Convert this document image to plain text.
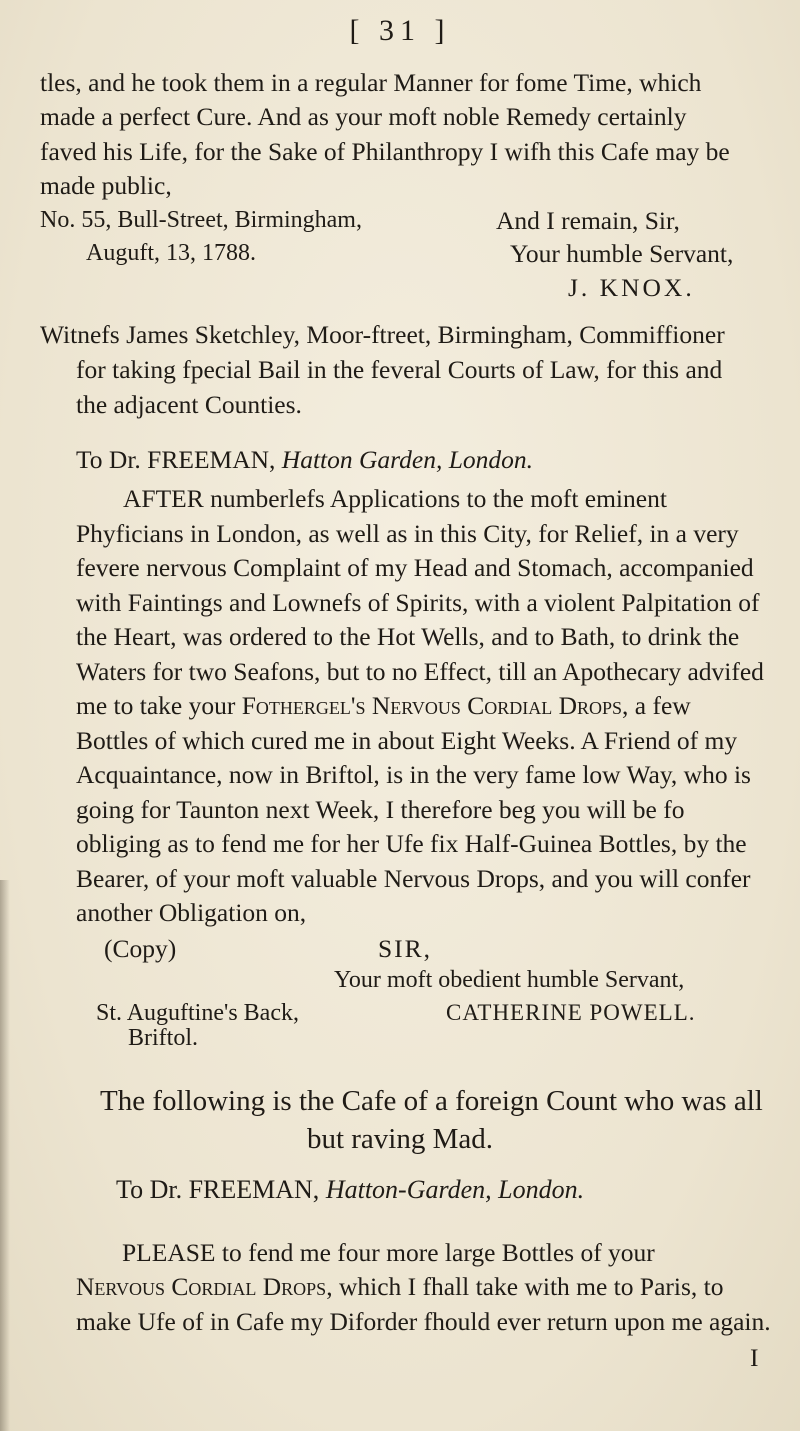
[ 31 ]
tles, and he took them in a regular Manner for fome Time, which
made a perfect Cure. And as your moft noble Remedy certainly
faved his Life, for the Sake of Philanthropy I wifh this Cafe may be
made public,
No. 55, Bull-Street, Birmingham,
Auguft, 13, 1788.
And I remain, Sir,
Your humble Servant,
J. KNOX.
Witnefs James Sketchley, Moor-ftreet, Birmingham, Commiffioner
for taking fpecial Bail in the feveral Courts of Law, for this and
the adjacent Counties.
To Dr. FREEMAN, Hatton Garden, London.
AFTER numberlefs Applications to the moft eminent
Phyficians in London, as well as in this City, for Relief, in a very
fevere nervous Complaint of my Head and Stomach, accompanied
with Faintings and Lownefs of Spirits, with a violent Palpitation of
the Heart, was ordered to the Hot Wells, and to Bath, to drink the
Waters for two Seafons, but to no Effect, till an Apothecary advifed
me to take your Fothergel's Nervous Cordial Drops, a few
Bottles of which cured me in about Eight Weeks. A Friend of my
Acquaintance, now in Briftol, is in the very fame low Way, who is
going for Taunton next Week, I therefore beg you will be fo
obliging as to fend me for her Ufe fix Half-Guinea Bottles, by the
Bearer, of your moft valuable Nervous Drops, and you will confer
another Obligation on,
(Copy)	SIR,
Your moft obedient humble Servant,
St. Auguftine's Back,
Briftol.
CATHERINE POWELL.
The following is the Cafe of a foreign Count who was all
but raving Mad.
To Dr. FREEMAN, Hatton-Garden, London.
PLEASE to fend me four more large Bottles of your
Nervous Cordial Drops, which I fhall take with me to Paris, to
make Ufe of in Cafe my Diforder fhould ever return upon me again.
I
